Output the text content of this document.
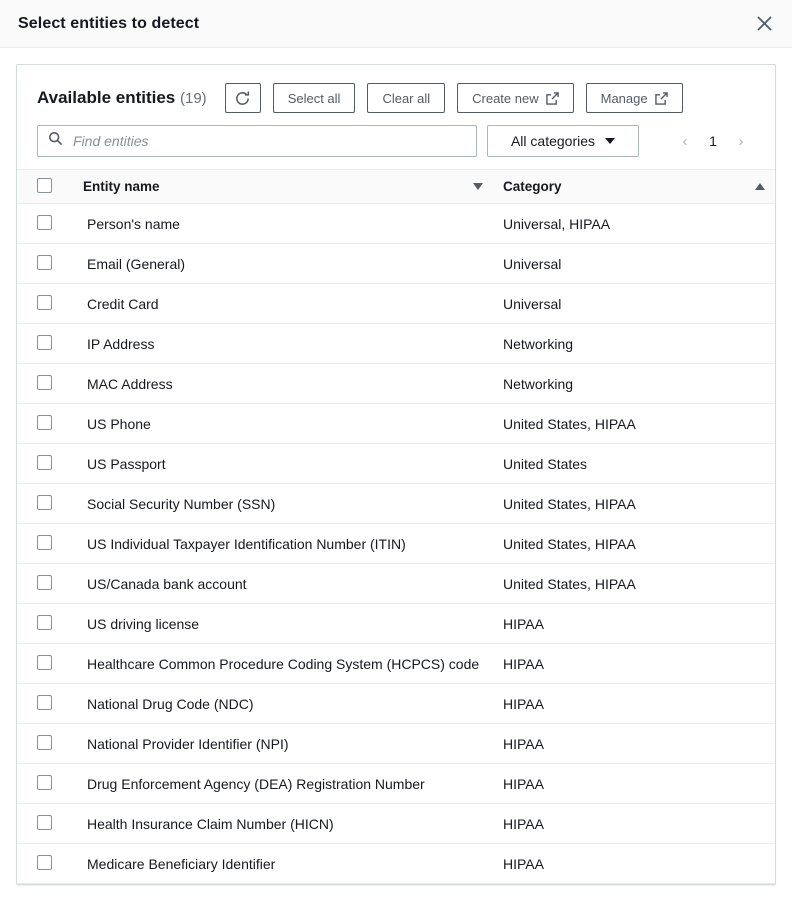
Select entities to detect
Available entities (19)	Select all	Clear all	Create new	Manage
Find entities
All categories	‹	1	›

	Entity name	Category

	Person's name	Universal, HIPAA
	Email (General)	Universal
	Credit Card	Universal
	IP Address	Networking
	MAC Address	Networking
	US Phone	United States, HIPAA
	US Passport	United States
	Social Security Number (SSN)	United States, HIPAA
	US Individual Taxpayer Identification Number (ITIN)	United States, HIPAA
	US/Canada bank account	United States, HIPAA
	US driving license	HIPAA
	Healthcare Common Procedure Coding System (HCPCS) code	HIPAA
	National Drug Code (NDC)	HIPAA
	National Provider Identifier (NPI)	HIPAA
	Drug Enforcement Agency (DEA) Registration Number	HIPAA
	Health Insurance Claim Number (HICN)	HIPAA
	Medicare Beneficiary Identifier	HIPAA
